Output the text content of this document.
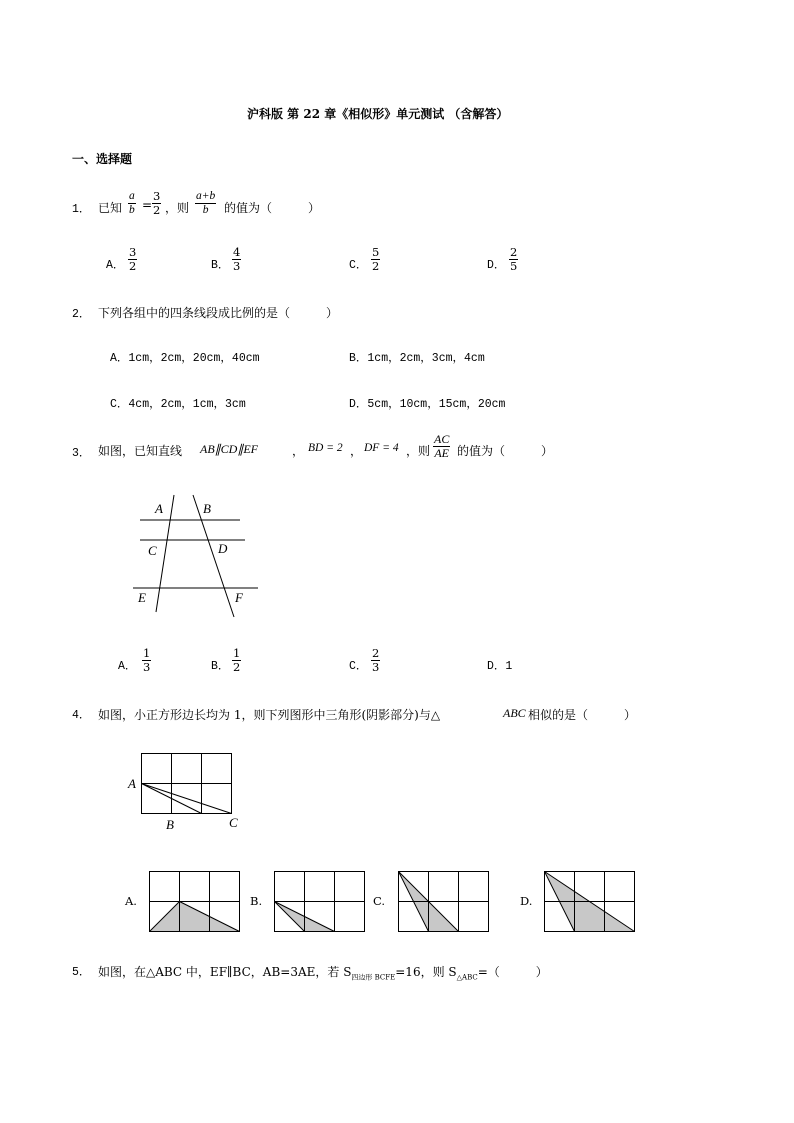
沪科版 第 22 章《相似形》单元测试 （含解答）
一、选择题
1． 已知 $\frac{a}{b} = \frac{3}{2}$ ，则 $\frac{a+b}{b}$ 的值为（　　　）
A． $\frac{3}{2}$	B． $\frac{4}{3}$	C． $\frac{5}{2}$	D． $\frac{2}{5}$
2． 下列各组中的四条线段成比例的是（　　　）
A．1cm，2cm，20cm，40cm	B．1cm，2cm，3cm，4cm
C．4cm，2cm，1cm，3cm	D．5cm，10cm，15cm，20cm
3． 如图，已知直线 AB∥CD∥EF	， BD = 2 ， DF = 4 ，则 $\frac{AC}{AE}$ 的值为（　　　）
A	B
C	D
E	F
A． $\frac{1}{3}$	B． $\frac{1}{2}$	C． $\frac{2}{3}$	D．1
4． 如图，小正方形边长均为 1，则下列图形中三角形(阴影部分)与△	ABC 相似的是（　　　）
A
B	C
A.	B.	C.	D.
5． 如图，在△ABC 中，EF∥BC，AB=3AE，若 $S_{四边形 BCFE}=16$，则 $S_{\triangle ABC}=$（　　　）
